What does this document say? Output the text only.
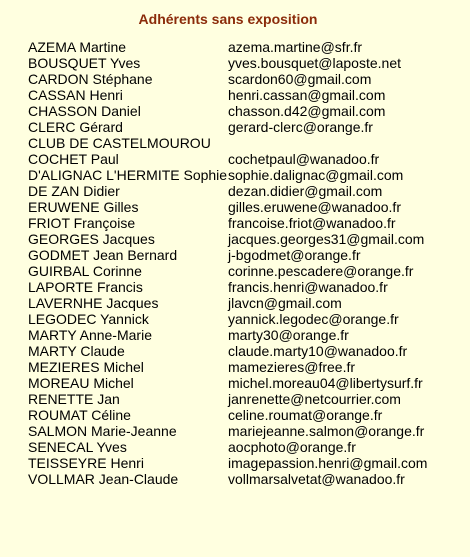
Adhérents sans exposition
AZEMA Martine	azema.martine@sfr.fr
BOUSQUET Yves	yves.bousquet@laposte.net
CARDON Stéphane	scardon60@gmail.com
CASSAN Henri	henri.cassan@gmail.com
CHASSON Daniel	chasson.d42@gmail.com
CLERC Gérard	gerard-clerc@orange.fr
CLUB DE CASTELMOUROU
COCHET Paul	cochetpaul@wanadoo.fr
D'ALIGNAC L'HERMITE Sophie sophie.dalignac@gmail.com
DE ZAN Didier	dezan.didier@gmail.com
ERUWENE Gilles	gilles.eruwene@wanadoo.fr
FRIOT Françoise	francoise.friot@wanadoo.fr
GEORGES Jacques	jacques.georges31@gmail.com
GODMET Jean Bernard	j-bgodmet@orange.fr
GUIRBAL Corinne	corinne.pescadere@orange.fr
LAPORTE Francis	francis.henri@wanadoo.fr
LAVERNHE Jacques	jlavcn@gmail.com
LEGODEC Yannick	yannick.legodec@orange.fr
MARTY Anne-Marie	marty30@orange.fr
MARTY Claude	claude.marty10@wanadoo.fr
MEZIERES Michel	mamezieres@free.fr
MOREAU Michel	michel.moreau04@libertysurf.fr
RENETTE Jan	janrenette@netcourrier.com
ROUMAT Céline	celine.roumat@orange.fr
SALMON Marie-Jeanne	mariejeanne.salmon@orange.fr
SENECAL Yves	aocphoto@orange.fr
TEISSEYRE Henri	imagepassion.henri@gmail.com
VOLLMAR Jean-Claude	vollmarsalvetat@wanadoo.fr
